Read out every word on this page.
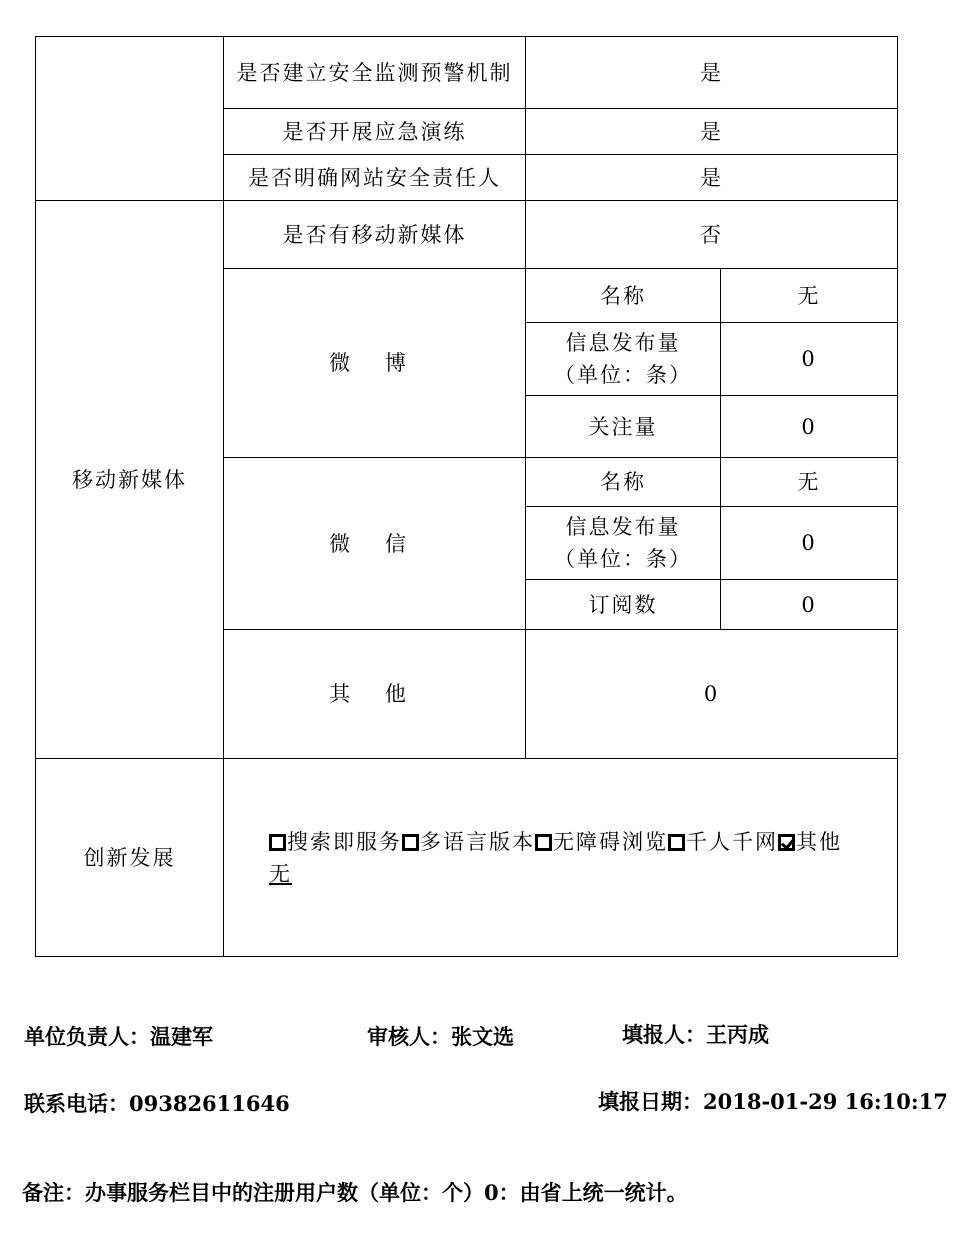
	是否建立安全监测预警机制	是	
	是否开展应急演练	是	
	是否明确网站安全责任人	是	
移动新媒体	是否有移动新媒体	否	
	微 博	名称	无
		信息发布量（单位：条）	0
		关注量	0
	微 信	名称	无
		信息发布量（单位：条）	0
		订阅数	0
	其 他	0	
创新发展	搜索即服务 多语言版本 无障碍浏览 千人千网 其他
无		
单位负责人：温建军	审核人：张文选	填报人：王丙成
联系电话：09382611646	填报日期：2018-01-29 16:10:17
备注：办事服务栏目中的注册用户数（单位：个）0：由省上统一统计。
